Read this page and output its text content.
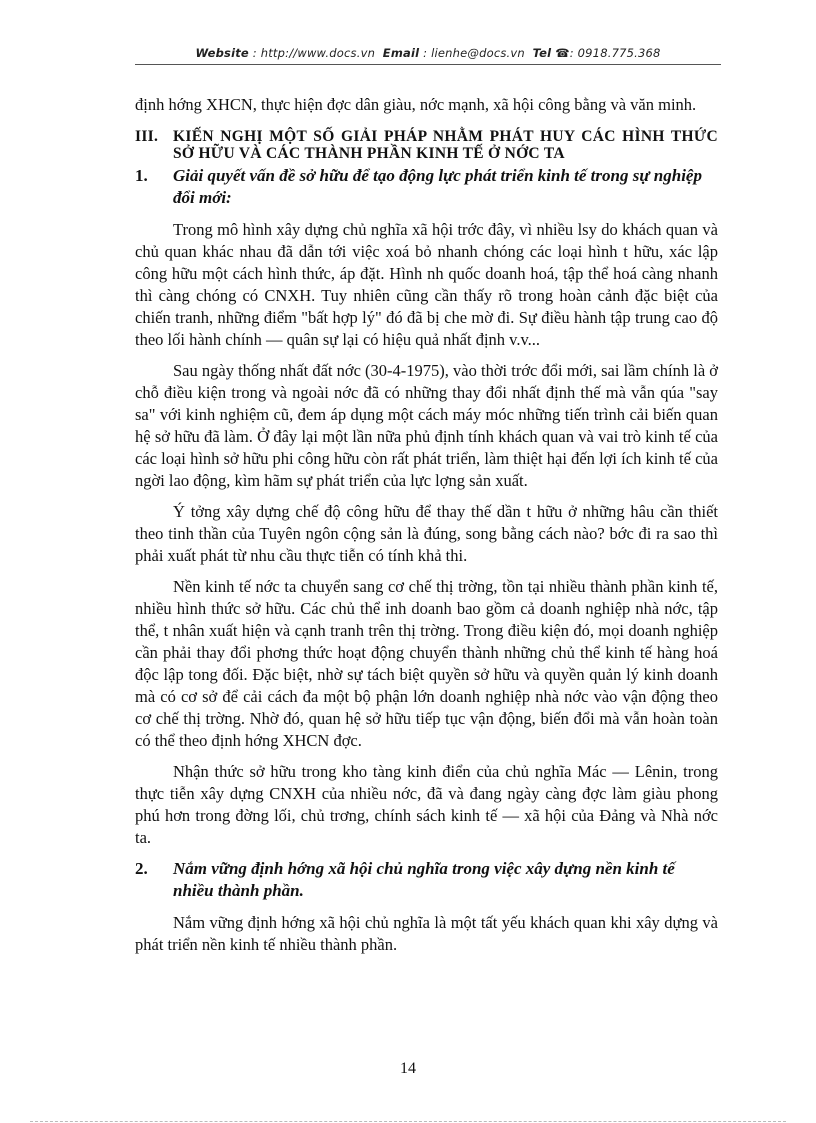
Website : http://www.docs.vn Email : lienhe@docs.vn Tel ☎: 0918.775.368

định hớng XHCN, thực hiện đợc dân giàu, nớc mạnh, xã hội công bằng và văn minh.

III. KIẾN NGHỊ MỘT SỐ GIẢI PHÁP NHẰM PHÁT HUY CÁC HÌNH THỨC SỞ HỮU VÀ CÁC THÀNH PHẦN KINH TẾ Ở NỚC TA
1.	Giải quyết vấn đề sở hữu để tạo động lực phát triển kinh tế trong sự nghiệp đổi mới:

Trong mô hình xây dựng chủ nghĩa xã hội trớc đây, vì nhiều lsy do khách quan và chủ quan khác nhau đã dẫn tới việc xoá bỏ nhanh chóng các loại hình t hữu, xác lập công hữu một cách hình thức, áp đặt. Hình nh quốc doanh hoá, tập thể hoá càng nhanh thì càng chóng có CNXH. Tuy nhiên cũng cần thấy rõ trong hoàn cảnh đặc biệt của chiến tranh, những điểm "bất hợp lý" đó đã bị che mờ đi. Sự điều hành tập trung cao độ theo lối hành chính — quân sự lại có hiệu quả nhất định v.v...

Sau ngày thống nhất đất nớc (30-4-1975), vào thời trớc đổi mới, sai lầm chính là ở chỗ điều kiện trong và ngoài nớc đã có những thay đổi nhất định thế mà vẫn qúa "say sa" với kinh nghiệm cũ, đem áp dụng một cách máy móc những tiến trình cải biến quan hệ sở hữu đã làm. Ở đây lại một lần nữa phủ định tính khách quan và vai trò kinh tế của các loại hình sở hữu phi công hữu còn rất phát triển, làm thiệt hại đến lợi ích kinh tế của ngời lao động, kìm hãm sự phát triển của lực lợng sản xuất.

Ý tởng xây dựng chế độ công hữu để thay thế dần t hữu ở những hâu cần thiết theo tinh thần của Tuyên ngôn cộng sản là đúng, song bằng cách nào? bớc đi ra sao thì phải xuất phát từ nhu cầu thực tiễn có tính khả thi.

Nền kinh tế nớc ta chuyển sang cơ chế thị trờng, tồn tại nhiều thành phần kinh tế, nhiều hình thức sở hữu. Các chủ thể inh doanh bao gồm cả doanh nghiệp nhà nớc, tập thể, t nhân xuất hiện và cạnh tranh trên thị trờng. Trong điều kiện đó, mọi doanh nghiệp cần phải thay đổi phơng thức hoạt động chuyển thành những chủ thể kinh tế hàng hoá độc lập tong đối. Đặc biệt, nhờ sự tách biệt quyền sở hữu và quyền quản lý kinh doanh mà có cơ sở để cải cách đa một bộ phận lớn doanh nghiệp nhà nớc vào vận động theo cơ chế thị trờng. Nhờ đó, quan hệ sở hữu tiếp tục vận động, biến đổi mà vẫn hoàn toàn có thể theo định hớng XHCN đợc.

Nhận thức sở hữu trong kho tàng kinh điển của chủ nghĩa Mác — Lênin, trong thực tiễn xây dựng CNXH của nhiều nớc, đã và đang ngày càng đợc làm giàu phong phú hơn trong đờng lối, chủ trơng, chính sách kinh tế — xã hội của Đảng và Nhà nớc ta.

2.	Nắm vững định hớng xã hội chủ nghĩa trong việc xây dựng nền kinh tế nhiều thành phần.

Nắm vững định hớng xã hội chủ nghĩa là một tất yếu khách quan khi xây dựng và phát triển nền kinh tế nhiều thành phần.

14
